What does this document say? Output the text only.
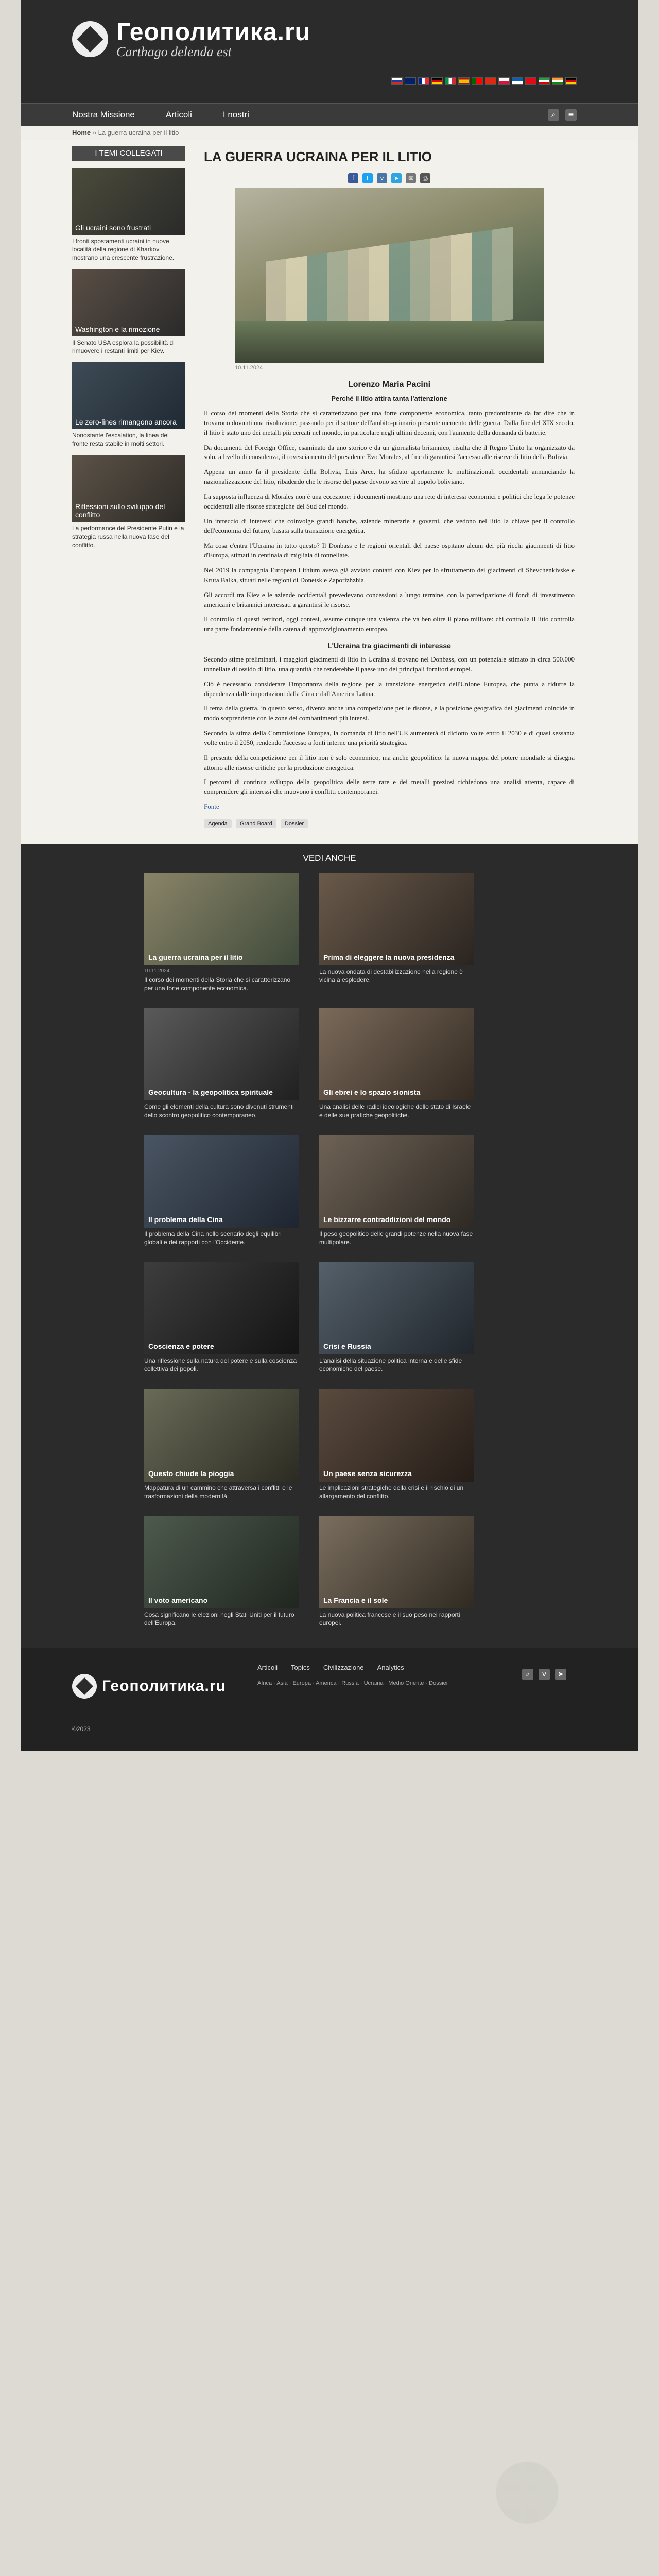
Геополитика.ru
Carthago delenda est
Nostra Missione	Articoli	I nostri	⌕	≡
Home » La guerra ucraina per il litio
I TEMI COLLEGATI
Gli ucraini sono frustrati
I fronti spostamenti ucraini in nuove località della regione di Kharkov mostrano una crescente frustrazione.
Washington e la rimozione
Il Senato USA esplora la possibilità di rimuovere i restanti limiti per Kiev.
Le zero-lines rimangono ancora
Nonostante l'escalation, la linea del fronte resta stabile in molti settori.
Riflessioni sullo sviluppo del conflitto
La performance del Presidente Putin e la strategia russa nella nuova fase del conflitto.
LA GUERRA UCRAINA PER IL LITIO
f t v ➤ ✉ ⎙
10.11.2024
Lorenzo Maria Pacini
Perché il litio attira tanta l'attenzione

Il corso dei momenti della Storia che si caratterizzano per una forte componente economica, tanto predominante da far dire che in trovarono dovunti una rivoluzione, passando per il settore dell'ambito-primario presente memento delle guerra. Dalla fine del XIX secolo, il litio è stato uno dei metalli più cercati nel mondo, in particolare negli ultimi decenni, con l'aumento della domanda di batterie.

Da documenti del Foreign Office, esaminato da uno storico e da un giornalista britannico, risulta che il Regno Unito ha organizzato da solo, a livello di consulenza, il rovesciamento del presidente Evo Morales, al fine di garantirsi l'accesso alle riserve di litio della Bolivia.

Appena un anno fa il presidente della Bolivia, Luis Arce, ha sfidato apertamente le multinazionali occidentali annunciando la nazionalizzazione del litio, ribadendo che le risorse del paese devono servire al popolo boliviano.

La supposta influenza di Morales non è una eccezione: i documenti mostrano una rete di interessi economici e politici che lega le potenze occidentali alle risorse strategiche del Sud del mondo.

Un intreccio di interessi che coinvolge grandi banche, aziende minerarie e governi, che vedono nel litio la chiave per il controllo dell'economia del futuro, basata sulla transizione energetica.

Ma cosa c'entra l'Ucraina in tutto questo? Il Donbass e le regioni orientali del paese ospitano alcuni dei più ricchi giacimenti di litio d'Europa, stimati in centinaia di migliaia di tonnellate.

Nel 2019 la compagnia European Lithium aveva già avviato contatti con Kiev per lo sfruttamento dei giacimenti di Shevchenkivske e Kruta Balka, situati nelle regioni di Donetsk e Zaporizhzhia.

Gli accordi tra Kiev e le aziende occidentali prevedevano concessioni a lungo termine, con la partecipazione di fondi di investimento americani e britannici interessati a garantirsi le risorse.

Il controllo di questi territori, oggi contesi, assume dunque una valenza che va ben oltre il piano militare: chi controlla il litio controlla una parte fondamentale della catena di approvvigionamento europea.

L'Ucraina tra giacimenti di interesse

Secondo stime preliminari, i maggiori giacimenti di litio in Ucraina si trovano nel Donbass, con un potenziale stimato in circa 500.000 tonnellate di ossido di litio, una quantità che renderebbe il paese uno dei principali fornitori europei.

Ciò è necessario considerare l'importanza della regione per la transizione energetica dell'Unione Europea, che punta a ridurre la dipendenza dalle importazioni dalla Cina e dall'America Latina.

Il tema della guerra, in questo senso, diventa anche una competizione per le risorse, e la posizione geografica dei giacimenti coincide in modo sorprendente con le zone dei combattimenti più intensi.

Secondo la stima della Commissione Europea, la domanda di litio nell'UE aumenterà di diciotto volte entro il 2030 e di quasi sessanta volte entro il 2050, rendendo l'accesso a fonti interne una priorità strategica.

Il presente della competizione per il litio non è solo economico, ma anche geopolitico: la nuova mappa del potere mondiale si disegna attorno alle risorse critiche per la produzione energetica.

I percorsi di continua sviluppo della geopolitica delle terre rare e dei metalli preziosi richiedono una analisi attenta, capace di comprendere gli interessi che muovono i conflitti contemporanei.

Fonte

Agenda	Grand Board	Dossier
VEDI ANCHE
La guerra ucraina per il litio
10.11.2024
Il corso dei momenti della Storia che si caratterizzano per una forte componente economica.
Prima di eleggere la nuova presidenza
La nuova ondata di destabilizzazione nella regione è vicina a esplodere.
Geocultura - la geopolitica spirituale
Come gli elementi della cultura sono divenuti strumenti dello scontro geopolitico contemporaneo.
Gli ebrei e lo spazio sionista
Una analisi delle radici ideologiche dello stato di Israele e delle sue pratiche geopolitiche.
Il problema della Cina
Il problema della Cina nello scenario degli equilibri globali e dei rapporti con l'Occidente.
Le bizzarre contraddizioni del mondo
Il peso geopolitico delle grandi potenze nella nuova fase multipolare.
Coscienza e potere
Una riflessione sulla natura del potere e sulla coscienza collettiva dei popoli.
Crisi e Russia
L'analisi della situazione politica interna e delle sfide economiche del paese.
Questo chiude la pioggia
Mappatura di un cammino che attraversa i conflitti e le trasformazioni della modernità.
Un paese senza sicurezza
Le implicazioni strategiche della crisi e il rischio di un allargamento del conflitto.
Il voto americano
Cosa significano le elezioni negli Stati Uniti per il futuro dell'Europa.
La Francia e il sole
La nuova politica francese e il suo peso nei rapporti europei.
Геополитика.ru
Articoli Topics Civilizzazione Analytics
Africa · Asia · Europa · America · Russia · Ucraina · Medio Oriente · Dossier
©2023
⌕	v	➤
